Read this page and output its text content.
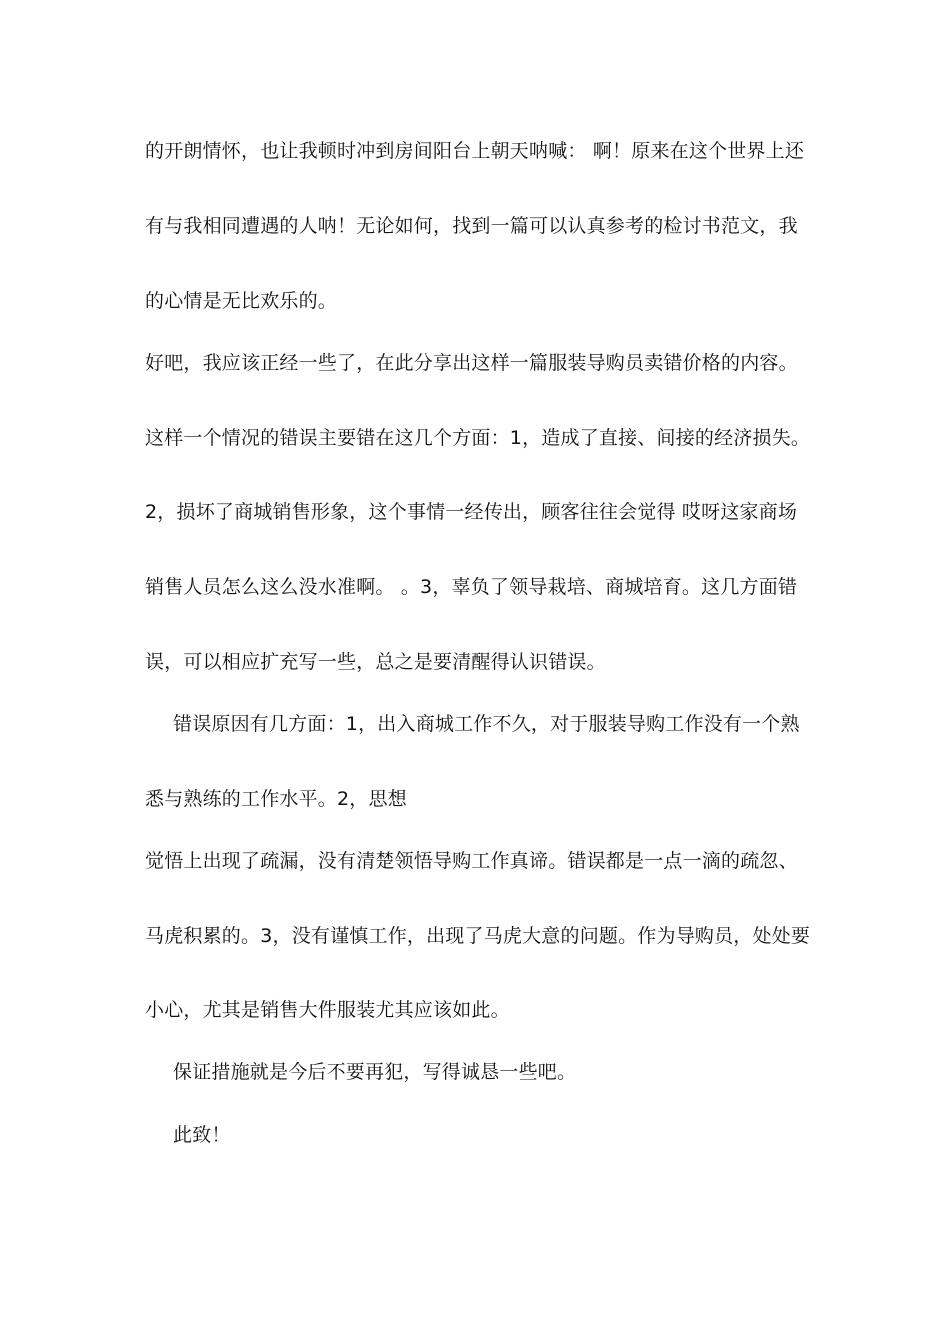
的开朗情怀，也让我顿时冲到房间阳台上朝天呐喊： 啊！原来在这个世界上还
有与我相同遭遇的人呐！无论如何，找到一篇可以认真参考的检讨书范文，我
的心情是无比欢乐的。
好吧，我应该正经一些了，在此分享出这样一篇服装导购员卖错价格的内容。
这样一个情况的错误主要错在这几个方面：1，造成了直接、间接的经济损失。
2，损坏了商城销售形象，这个事情一经传出，顾客往往会觉得 哎呀这家商场
销售人员怎么这么没水准啊。 。3，辜负了领导栽培、商城培育。这几方面错
误，可以相应扩充写一些，总之是要清醒得认识错误。
错误原因有几方面：1，出入商城工作不久，对于服装导购工作没有一个熟
悉与熟练的工作水平。2，思想
觉悟上出现了疏漏，没有清楚领悟导购工作真谛。错误都是一点一滴的疏忽、
马虎积累的。3，没有谨慎工作，出现了马虎大意的问题。作为导购员，处处要
小心，尤其是销售大件服装尤其应该如此。
保证措施就是今后不要再犯，写得诚恳一些吧。
此致！
